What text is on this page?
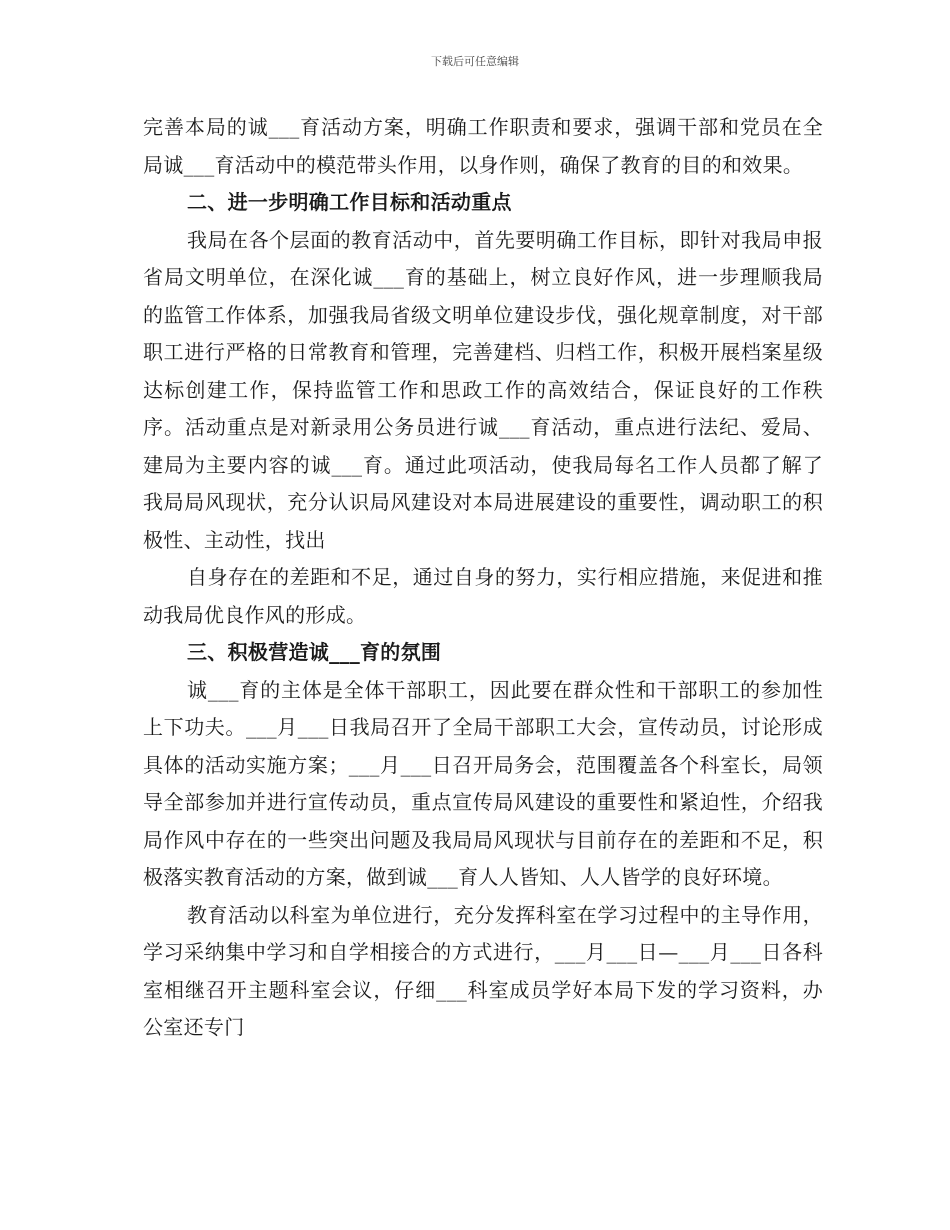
下载后可任意编辑

完善本局的诚___育活动方案，明确工作职责和要求，强调干部和党员在全局诚___育活动中的模范带头作用，以身作则，确保了教育的目的和效果。

二、进一步明确工作目标和活动重点

我局在各个层面的教育活动中，首先要明确工作目标，即针对我局申报省局文明单位，在深化诚___育的基础上，树立良好作风，进一步理顺我局的监管工作体系，加强我局省级文明单位建设步伐，强化规章制度，对干部职工进行严格的日常教育和管理，完善建档、归档工作，积极开展档案星级达标创建工作，保持监管工作和思政工作的高效结合，保证良好的工作秩序。活动重点是对新录用公务员进行诚___育活动，重点进行法纪、爱局、建局为主要内容的诚___育。通过此项活动，使我局每名工作人员都了解了我局局风现状，充分认识局风建设对本局进展建设的重要性，调动职工的积极性、主动性，找出

自身存在的差距和不足，通过自身的努力，实行相应措施，来促进和推动我局优良作风的形成。

三、积极营造诚___育的氛围

诚___育的主体是全体干部职工，因此要在群众性和干部职工的参加性上下功夫。___月___日我局召开了全局干部职工大会，宣传动员，讨论形成具体的活动实施方案；___月___日召开局务会，范围覆盖各个科室长，局领导全部参加并进行宣传动员，重点宣传局风建设的重要性和紧迫性，介绍我局作风中存在的一些突出问题及我局局风现状与目前存在的差距和不足，积极落实教育活动的方案，做到诚___育人人皆知、人人皆学的良好环境。

教育活动以科室为单位进行，充分发挥科室在学习过程中的主导作用，学习采纳集中学习和自学相接合的方式进行，___月___日—___月___日各科室相继召开主题科室会议，仔细___科室成员学好本局下发的学习资料，办公室还专门
